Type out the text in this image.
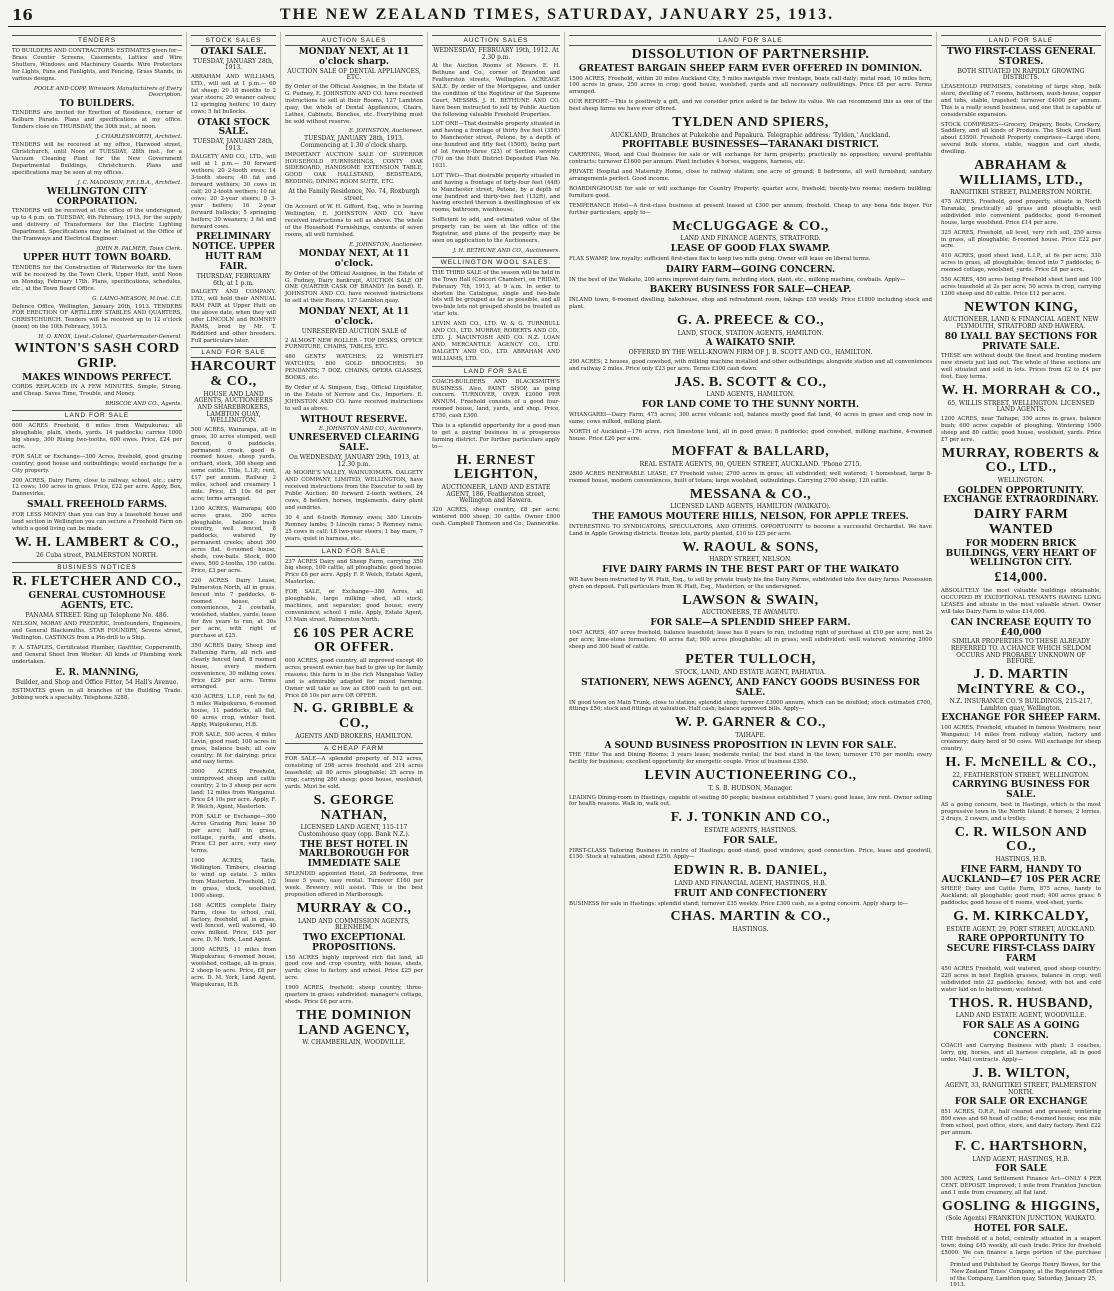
16	THE NEW ZEALAND TIMES, SATURDAY, JANUARY 25, 1913.
TENDERS

TO BUILDERS AND CONTRACTORS: ESTIMATES given for—Brass Counter Screens, Casements, Lattice and Wire Shutters, Windows and Machinery Guards. Wire Protectors for Lights, Fans and Fanlights, and Fencing, Grass Stands, in various designs.

POOLE AND COPP, Wirework Manufacturers of Every Description.
TO BUILDERS.

TENDERS are invited for Erection of Residence, corner of Kelburn Parade. Plans and specifications at my office. Tenders close on THURSDAY, the 30th inst., at noon.

J. CHARLESWORTH, Architect.

TENDERS will be received at my office, Harwood street, Christchurch, until Noon of TUESDAY, 28th inst., for a Vacuum Cleaning Plant for the New Government Departmental Buildings, Christchurch. Plans and specifications may be seen at my offices.

J. C. MADDISON, F.R.I.B.A., Architect.
WELLINGTON CITY CORPORATION.

TENDERS will be received at the office of the undersigned, up to 4 p.m. on TUESDAY, 4th February, 1913, for the supply and delivery of Transformers for the Electric Lighting Department. Specifications may be obtained at the Office of the Tramways and Electrical Engineer.

JOHN R. PALMER, Town Clerk.
UPPER HUTT TOWN BOARD.

TENDERS for the Construction of Waterworks for the town will be received by the Town Clerk, Upper Hutt, until Noon on Monday, February 17th. Plans, specifications, schedules, etc., at the Town Board Office.

G. LAING-MEASON, M.Inst. C.E.

Defence Office, Wellington, January 20th, 1913. TENDERS FOR ERECTION OF ARTILLERY STABLES AND QUARTERS, CHRISTCHURCH. Tenders will be received up to 12 o'clock (noon) on the 10th February, 1913.

H. O. KNOX, Lieut.-Colonel, Quartermaster-General.
WINTON'S SASH CORD GRIP.
MAKES WINDOWS PERFECT.

CORDS REPLACED IN A FEW MINUTES. Simple, Strong, and Cheap. Saves Time, Trouble, and Money.

BRISCOE AND CO., Agents.
LAND FOR SALE

600 ACRES Freehold, 6 miles from Waipukurau; all ploughable, plain, sheds, yards. 14 paddocks; carries 1000 big sheep, 300 Rising two-tooths, 600 ewes. Price, £24 per acre.

FOR SALE or Exchange—300 Acres, freehold, good grazing country; good house and outbuildings; would exchange for a City property.

200 ACRES, Dairy Farm, close to railway, school, etc.; carry 12 cows; 100 acres in grass. Price, £22 per acre. Apply, Box, Dannevirke.

SMALL FREEHOLD FARMS.

FOR LESS MONEY than you can buy a leasehold house and land section in Wellington you can secure a Freehold Farm on which a good living can be made.

W. H. LAMBERT & CO.,
26 Cuba street, PALMERSTON NORTH.
BUSINESS NOTICES
R. FLETCHER AND CO.,
GENERAL CUSTOMHOUSE AGENTS, ETC.
PANAMA STREET. Ring up Telephone No. 486.

NELSON, MORAY AND FREDERIC, Ironfounders, Engineers, and General Blacksmiths. STAR FOUNDRY, Sevens street, Wellington. CASTINGS from a Pin-drill to a Ship.

F. A. STAPLES, Certificated Plumber, Gasfitter, Coppersmith, and General Sheet Iron Worker. All kinds of Plumbing work undertaken.

E. R. MANNING,
Builder, and Shop and Office Fitter, 54 Hall's Avenue.

ESTIMATES given in all branches of the Building Trade. Jobbing work a speciality. Telephone 3288.

STOCK SALES
OTAKI SALE.
TUESDAY, JANUARY 28th, 1913.

ABRAHAM AND WILLIAMS, LTD., will sell at 1 p.m.— 60 fat sheep; 20 18 months to 2 year steers; 20 weaner calves; 12 springing heifers; 10 dairy cows; 5 fat bullocks.

OTAKI STOCK SALE.
TUESDAY, JANUARY 28th, 1913.

DALGETY AND CO., LTD., will sell at 1 p.m.— 50 forward wethers; 20 2-tooth ewes; 14 3-tooth steers; 40 fat and forward wethers; 30 cows in calf; 20 2-tooth wethers; 10 fat cows; 20 2-year steers; 8 3-year heifers; 16 2-year forward bullocks; 5 springing heifers; 30 weaners; 3 fat and forward cows.

PRELIMINARY NOTICE. UPPER HUTT RAM FAIR.
THURSDAY, FEBRUARY 6th, at 1 p.m.

DALGETY AND COMPANY, LTD., will hold their ANNUAL RAM FAIR at Upper Hutt on the above date, when they will offer LINCOLN and ROMNEY RAMS, bred by Mr. T. Riddiford and other breeders. Full particulars later.

LAND FOR SALE
HARCOURT & CO.,
HOUSE AND LAND AGENTS, AUCTIONEERS AND SHAREBROKERS, LAMBTON QUAY, WELLINGTON.

500 ACRES, Wairarapa, all in grass, 30 acres stumped, well fenced, 6 paddocks, permanent creek, good 6-roomed house, sheep yards, orchard, stock, 300 sheep and some cattle. Title, L.I.P.; rent, £17 per annum. Railway 2 miles, school and creamery 1 mile. Price, £5 10s 6d per acre; terms arranged.

1200 ACRES, Wairarapa; 400 acres grass, 200 acres ploughable, balance bush country, well fenced, 8 paddocks, watered by permanent creeks; about 300 acres flat. 6-roomed house, sheds, cow-bails. Stock, 800 ewes, 500 2-tooths, 150 cattle. Price, £3 per acre.

220 ACRES Dairy Lease, Palmerston North, all in grass, fenced into 7 paddocks, 6-roomed house, all conveniences, 2 cowbails, woolshed, stables, yards; lease for five years to run, at 30s per acre, with right of purchase at £25.

350 ACRES Dairy, Sheep and Fattening Farm, all rich and clearly fenced land, 8 roomed house, every modern convenience, 30 milking cows. Price £29 per acre. Terms arranged.

430 ACRES, L.I.P., rent 5s 6d, 5 miles Waipukurau, 6-roomed house, 11 paddocks, all flat, 60 acres crop, winter feed. Apply, Waipukurau, H.B.

FOR SALE, 500 acres, 4 miles Levin, good road; 100 acres in grass, balance bush; all cow country; fit for dairying; price and easy terms.

3000 ACRES Freehold, unimproved sheep and cattle country; 2 to 3 sheep per acre land; 12 miles from Wanganui. Price £4 10s per acre. Apply, F. P. Welch, Agent, Masterton.

FOR SALE or Exchange—300 Acres Grazing Run; lease 50 per acre; half in grass, cottage, yards, and sheds. Price £3 per acre, very easy terms.

1900 ACRES, Tatla, Wellington. Timbers, clearing to wind up estate. 3 miles from Masterton. Freehold, 1/2 in grass, stock, woolshed, 1000 sheep.

168 ACRES complete Dairy Farm, close to school, rail, factory, freehold, all in grass, well fenced, well watered, 40 cows milked. Price, £45 per acre. D. M. York, Land Agent.

3000 ACRES, 11 miles from Waipukurau; 6-roomed house, woolshed, cottage, all in grass, 2 sheep to acre. Price, £8 per acre. D. M. York, Land Agent, Waipukurau, H.B.

AUCTION SALES
MONDAY NEXT, At 11 o'clock sharp.
AUCTION SALE OF DENTAL APPLIANCES, ETC.

By Order of the Official Assignee, in the Estate of G. Pudney, E. JOHNSTON AND CO. have received instructions to sell at their Rooms, 127 Lambton quay, the whole of Dental Appliances, Chairs, Lathes, Cabinets, Benches, etc. Everything must be sold without reserve.

E. JOHNSTON, Auctioneer.
TUESDAY, JANUARY 28th, 1913. Commencing at 1.30 o'clock sharp.

IMPORTANT AUCTION SALE OF SUPERIOR HOUSEHOLD FURNISHINGS, CONTY OAK SIDEBOARD, HANDSOME EXTENSION TABLE, GOOD OAK HALLSTAND, BEDSTEADS, BEDDING, DINING ROOM SUITE, ETC.

At the Family Residence, No. 74, Roxburgh street.

On Account of W. H. Gifford, Esq., who is leaving Wellington, E. JOHNSTON AND CO. have received instructions to sell as above. The whole of the Household Furnishings, contents of seven rooms, all well furnished.

E. JOHNSTON, Auctioneer.
MONDAY NEXT, At 11 o'clock.

By Order of the Official Assignee, in the Estate of G. Pudney, Dairy bankrupt, AUCTION SALE OF ONE QUARTER CASK OF BRANDY (in bond). E. JOHNSTON AND CO. have received instructions to sell at their Rooms, 127 Lambton quay.

MONDAY NEXT, At 11 o'clock.
UNRESERVED AUCTION SALE of

2 ALMOST NEW ROLLER - TOP DESKS, OFFICE FURNITURE, CHAIRS, TABLES, ETC.

480 GENTS' WATCHES; 22 WRISTLET WATCHES; 800 GOLD BROOCHES; 50 PENDANTS; 7 DOZ. CHAINS, OPERA GLASSES, BOOKS, etc.

By Order of A. Simpson, Esq., Official Liquidator, in the Estate of Nerrow and Co., Importers. E. JOHNSTON AND CO. have received instructions to sell as above.

WITHOUT RESERVE.
E. JOHNSTON AND CO., Auctioneers.
UNRESERVED CLEARING SALE.
On WEDNESDAY, JANUARY 29th, 1913, at 12.30 p.m.

At MOORE'S VALLEY, WAINUIOMATA. DALGETY AND COMPANY, LIMITED, WELLINGTON, have received instructions from the Executor to sell by Public Auction: 80 forward 2-tooth wethers, 24 cows, 8 heifers, horses, implements, dairy plant and sundries.

30 4 and 6-tooth Romney ewes; 380 Lincoln-Romney lambs; 5 Lincoln rams; 5 Romney rams; 25 cows in calf; 18 two-year steers; 1 bay mare, 7 years, quiet in harness, etc.

LAND FOR SALE

237 ACRES Dairy and Sheep Farm, carrying 350 big sheep, 100 cattle, all ploughable; good house. Price £6 per acre. Apply F. P. Welch, Estate Agent, Masterton.

FOR SALE, or Exchange—380 Acres, all ploughable, large milking shed, all stock, machines, and separator; good house; every convenience; school 1 mile. Apply, Estate Agent, 13 Main street, Palmerston North.

£6 10S PER ACRE OR OFFER.

600 ACRES, good country, all improved except 40 acres; present owner has had to give up for family reasons; this farm is in the rich Mangahao Valley and is admirably adapted for mixed farming. Owner will take as low as £800 cash to get out. Price £6 10s per acre OR OFFER.

N. G. GRIBBLE & CO.,
AGENTS AND BROKERS, HAMILTON.
A CHEAP FARM

FOR SALE—A splendid property of 512 acres, consisting of 298 acres freehold and 214 acres leasehold; all 80 acres ploughable; 25 acres in crop; carrying 280 sheep; good house, woolshed, yards. Must be sold.

S. GEORGE NATHAN,
LICENSED LAND AGENT, 115-117 Customhouse quay (opp. Bank N.Z.).
THE BEST HOTEL IN MARLBOROUGH FOR IMMEDIATE SALE

SPLENDID appointed Hotel, 28 bedrooms, free lease 5 years, easy rental. Turnover £160 per week. Brewery will assist. This is the best proposition offered in Marlborough.

MURRAY & CO.,
LAND AND COMMISSION AGENTS, BLENHEIM.
TWO EXCEPTIONAL PROPOSITIONS.

150 ACRES highly improved rich flat land, all good cow and crop country, with house, sheds, yards; close to factory and school. Price £25 per acre.

1900 ACRES, freehold; sheep country, three-quarters in grass; subdivided; manager's cottage, sheds. Price £6 per acre.

THE DOMINION LAND AGENCY,
W. CHAMBERLAIN, WOODVILLE.
AUCTION SALES
WEDNESDAY, FEBRUARY 19th, 1912. At 2.30 p.m.

At the Auction Rooms of Messrs. E. H. Bethune and Co., corner of Brandon and Featherston streets, Wellington. ACREAGE SALE. By order of the Mortgagee, and under the condition of the Registrar of the Supreme Court, MESSRS. J. H. BETHUNE AND CO. have been instructed to sell by Public Auction the following valuable Freehold Properties.

LOT ONE—That desirable property situated in and having a frontage of thirty five feet (35ft) to Manchester street, Petone, by a depth of one hundred and fifty feet (150ft), being part of lot twenty-three (23) of Section seventy (70) on the Hutt District Deposited Plan No. 1031.

LOT TWO—That desirable property situated in and having a frontage of forty-four feet (44ft) to Manchester street, Petone, by a depth of one hundred and thirty-two feet (132ft), and having erected thereon a dwellinghouse of six rooms, bathroom, washhouse.

Sufficient to add, and estimated value of the property can be seen at the office of the Registrar, and plans of the property may be seen on application to the Auctioneers.

J. H. BETHUNE AND CO., Auctioneers.
WELLINGTON WOOL SALES.

THE THIRD SALE of the season will be held in the Town Hall (Concert Chamber), on FRIDAY, February 7th, 1913, at 9 a.m. In order to shorten the Catalogue, single and two-bale lots will be grouped as far as possible, and all two-bale lots not grouped should be treated as 'star' lots.

LEVIN AND CO., LTD. W. & G. TURNBULL AND CO., LTD. MURRAY, ROBERTS AND CO., LTD. J. MACINTOSH AND CO. N.Z. LOAN AND MERCANTILE AGENCY CO., LTD. DALGETY AND CO., LTD. ABRAHAM AND WILLIAMS, LTD.

LAND FOR SALE

COACH-BUILDERS AND BLACKSMITH'S BUSINESS. Also, PAINT SHOP, as going concern. TURNOVER, OVER £2000 PER ANNUM. Freehold consists of a good four-roomed house, land, yards, and shop. Price, £750, cash £300.

This is a splendid opportunity for a good man to get a paying business in a prosperous farming district. For further particulars apply to—

H. ERNEST LEIGHTON,
AUCTIONEER, LAND AND ESTATE AGENT, 186, Featherston street, Wellington and Hawera.

320 ACRES, sheep country, £8 per acre; wintered 800 sheep, 30 cattle. Owner £800 cash. Campbell Thomson and Co., Dannevirke.

LAND FOR SALE
DISSOLUTION OF PARTNERSHIP.
GREATEST BARGAIN SHEEP FARM EVER OFFERED IN DOMINION.

1500 ACRES, Freehold, within 20 miles Auckland City, 5 miles navigable river frontage, boats call daily; metal road, 10 miles fern, 100 acres in grass, 250 acres in crop; good house, woolshed, yards and all necessary outbuildings. Price £8 per acre. Terms arranged.

OUR REPORT:—This is positively a gift, and we consider price asked is far below its value. We can recommend this as one of the best sheep farms we have ever offered.

TYLDEN AND SPIERS,
AUCKLAND, Branches at Pukekohe and Papakura. Telegraphic address: 'Tylden,' Auckland.
PROFITABLE BUSINESSES—TARANAKI DISTRICT.

CARRYING, Wood, and Coal Business for sale or will exchange for farm property; practically no opposition; several profitable contracts; turnover £1600 per annum. Plant includes 4 horses, waggons, harness, etc.

PRIVATE Hospital and Maternity Home, close to railway station; one acre of ground; 8 bedrooms, all well furnished; sanitary arrangements perfect. Good income.

BOARDINGHOUSE for sale or will exchange for Country Property; quarter acre, freehold; twenty-two rooms; modern building; furniture good.

TEMPERANCE Hotel—A first-class business at present leased at £300 per annum, freehold. Cheap to any bona fide buyer. For further particulars, apply to—

McCLUGGAGE & CO.,
LAND AND FINANCE AGENTS, STRATFORD.
LEASE OF GOOD FLAX SWAMP.

FLAX SWAMP, low royalty; sufficient first-class flax to keep two mills going. Owner will lease on liberal terms.

DAIRY FARM—GOING CONCERN.

IN the best of the Waikato, 200 acres improved dairy farm, including stock, plant, etc., milking machine, cowbails. Apply—

BAKERY BUSINESS FOR SALE—CHEAP.

INLAND town, 6-roomed dwelling, bakehouse, shop and refreshment room, takings £35 weekly. Price £1800 including stock and plant.

G. A. PREECE & CO.,
LAND, STOCK, STATION AGENTS, HAMILTON.
A WAIKATO SNIP.
OFFERED BY THE WELL-KNOWN FIRM OF J. B. SCOTT AND CO., HAMILTON.

290 ACRES; 2 houses, good cowshed, with milking machine installed and other outbuildings; alongside station and all conveniences and railway 2 miles. Price only £23 per acre. Terms £300 cash down.

JAS. B. SCOTT & CO.,
LAND AGENTS, HAMILTON.
FOR LAND COME TO THE SUNNY NORTH.

WHANGAREI—Dairy Farm, 475 acres; 300 acres volcanic soil, balance mostly good flat land, 40 acres in grass and crop now in same; cows milked, milking plant.

NORTH of Auckland—176 acres, rich limestone land, all in good grass; 8 paddocks; good cowshed, milking machine, 4-roomed house. Price £20 per acre.

MOFFAT & BALLARD,
REAL ESTATE AGENTS, 90, QUEEN STREET, AUCKLAND. 'Phone 2715.

2800 ACRES RENEWABLE LEASE, £7 Freehold value; 2700 acres in grass; all subdivided; well watered; 1 homestead, large 8-roomed house, modern conveniences, built of totara; large woolshed, outbuildings. Carrying 2700 sheep, 120 cattle.

MESSANA & CO.,
LICENSED LAND AGENTS, HAMILTON (WAIKATO).
THE FAMOUS MOUTERE HILLS, NELSON, FOR APPLE TREES.

INTERESTING TO SYNDICATORS, SPECULATORS, AND OTHERS. OPPORTUNITY to become a successful Orchardist. We have Land in Apple Growing districts. Bronze lots, partly planted, £10 to £25 per acre.

W. RAOUL & SONS,
HARDY STREET, NELSON.
FIVE DAIRY FARMS IN THE BEST PART OF THE WAIKATO

WE have been instructed by W. Platt, Esq., to sell by private treaty his fine Dairy Farms, subdivided into five dairy farms. Possession given on deposit. Full particulars from W. Platt, Esq., Masterton, or the undersigned.

LAWSON & SWAIN,
AUCTIONEERS, TE AWAMUTU.
FOR SALE—A SPLENDID SHEEP FARM.

1047 ACRES, 407 acres freehold, balance leasehold; lease has 8 years to run, including right of purchase at £10 per acre; rent 2s per acre; lime-stone formation; 40 acres flat; 900 acres ploughable; all in grass; well subdivided; well watered; wintering 2000 sheep and 300 head of cattle.

PETER TULLOCH,
STOCK, LAND, AND ESTATE AGENT, PAHIATUA.
STATIONERY, NEWS AGENCY, AND FANCY GOODS BUSINESS FOR SALE.

IN good town on Main Trunk, close to station; splendid shop; turnover £3000 annum, which can be doubled; stock estimated £700, fittings £50; stock and fittings at valuation. Half cash; balance approved bills. Apply—

W. P. GARNER & CO.,
TAIHAPE.
A SOUND BUSINESS PROPOSITION IN LEVIN FOR SALE.

THE 'Elite' Tea and Dining Rooms; 3 years lease; moderate rental; the best stand in the town; turnover £70 per month; every facility for business; excellent opportunity for energetic couple. Price of business £350.

LEVIN AUCTIONEERING CO.,
T. S. B. HUDSON, Manager.

LEADING Dining-room in Hastings, capable of seating 80 people; business established 7 years; good lease, low rent. Owner selling for health reasons. Walk in, walk out.

F. J. TONKIN AND CO.,
ESTATE AGENTS, HASTINGS.
FOR SALE.

FIRST-CLASS Tailoring Business in centre of Hastings; good stand, good windows, good connection. Price, lease and goodwill, £150. Stock at valuation, about £250. Apply—

EDWIN R. B. DANIEL,
LAND AND FINANCIAL AGENT, HASTINGS, H.B.
FRUIT AND CONFECTIONERY

BUSINESS for sale in Hastings; splendid stand; turnover £35 weekly. Price £300 cash, as a going concern. Apply sharp to—

CHAS. MARTIN & CO.,
HASTINGS.
LAND FOR SALE
TWO FIRST-CLASS GENERAL STORES.
BOTH SITUATED IN RAPIDLY GROWING DISTRICTS.

LEASEHOLD PREMISES, consisting of large shop, bulk store, dwelling of 7 rooms, bathroom, wash-house, copper and tubs, stable, trapshed; turnover £4000 per annum. This is a really sound business, and one that is capable of considerable expansion.

STOCK COMPRISES—Grocery, Drapery, Boots, Crockery, Saddlery, and all kinds of Produce. The Stock and Plant about £3500. Freehold Property comprises—Large store, several bulk stores, stable, waggon and cart sheds, dwelling.

ABRAHAM & WILLIAMS, LTD.,
RANGITIKEI STREET, PALMERSTON NORTH.

475 ACRES, Freehold, good property, situate in North Taranaki, practically all grass and ploughable; well subdivided into convenient paddocks; good 6-roomed house, large woolshed. Price £14 per acre.

325 ACRES, Freehold, all level, very rich soil, 250 acres in grass, all ploughable; 8-roomed house. Price £22 per acre.

410 ACRES, good sheet land, L.I.P., at 6s per acre; 330 acres in grass, all ploughable; fenced into 7 paddocks; 6-roomed cottage, woolshed, yards. Price £8 per acre.

550 ACRES, 450 acres being Freehold sheet land and 100 acres leasehold at 2s per acre; 50 acres in crop, carrying 1200 sheep and 80 cattle. Price £12 per acre.

NEWTON KING,
AUCTIONEER, LAND & FINANCIAL AGENT, NEW PLYMOUTH, STRATFORD AND HAWERA.
80 LYALL BAY SECTIONS FOR PRIVATE SALE.

THESE are without doubt the finest and fronting modern new streets just laid out. The whole of these sections are well situated and sold in lots. Prices from £2 to £4 per foot. Easy terms.

W. H. MORRAH & CO.,
65, WILLIS STREET, WELLINGTON. LICENSED LAND AGENTS.

1200 ACRES, near Taihape; 350 acres in grass, balance bush; 600 acres capable of ploughing. Wintering 1500 sheep and 80 cattle; good house, woolshed, yards. Price £7 per acre.

MURRAY, ROBERTS & CO., LTD.,
WELLINGTON.
GOLDEN OPPORTUNITY. EXCHANGE EXTRAORDINARY.
DAIRY FARM WANTED
FOR MODERN BRICK BUILDINGS, VERY HEART OF WELLINGTON CITY.
£14,000.

ABSOLUTELY the most valuable buildings obtainable, OCCUPIED BY EXCEPTIONAL TENANTS HAVING LONG LEASES and situate in the most valuable street. Owner will take Dairy Farm to value £14,000.

CAN INCREASE EQUITY TO £40,000
SIMILAR PROPERTIES TO THESE ALREADY REFERRED TO. A CHANCE WHICH SELDOM OCCURS AND PROBABLY UNKNOWN OF BEFORE.
J. D. MARTIN McINTYRE & CO.,
N.Z. INSURANCE CO.'S BUILDINGS, 215-217, Lambton quay, Wellington.
EXCHANGE FOR SHEEP FARM.

100 ACRES, Freehold, situated in famous Westmere, near Wanganui; 14 miles from railway station, factory and creamery; dairy herd of 50 cows. Will exchange for sheep country.

H. F. McNEILL & CO.,
22, FEATHERSTON STREET, WELLINGTON.
CARRYING BUSINESS FOR SALE.

AS a going concern, best in Hastings, which is the most progressive town in the North Island; 8 horses, 2 lorries, 2 drays, 2 covers, and a trolley.

C. R. WILSON AND CO.,
HASTINGS, H.B.
FINE FARM, HANDY TO AUCKLAND—£7 10S PER ACRE

SHEEP, Dairy and Cattle Farm, 875 acres, handy to Auckland; all ploughable; good road; 400 acres grass; 6 paddocks; good house of 6 rooms, wool-shed, yards.

G. M. KIRKCALDY,
ESTATE AGENT, 29, PORT STREET, AUCKLAND.
RARE OPPORTUNITY TO SECURE FIRST-CLASS DAIRY FARM

450 ACRES Freehold, well watered, good sheep country; 220 acres in best English grasses, balance in crop; well subdivided into 22 paddocks; fenced, with hot and cold water laid on to bathroom; woolshed.

THOS. R. HUSBAND,
LAND AND ESTATE AGENT, WOODVILLE.
FOR SALE AS A GOING CONCERN.

COACH and Carrying Business with plant; 3 coaches, lorry, gig, horses, and all harness complete, all in good order. Mail contracts. Apply—

J. B. WILTON,
AGENT, 33, RANGITIKEI STREET, PALMERSTON NORTH.
FOR SALE OR EXCHANGE

851 ACRES, O.R.P., half cleared and grassed; wintering 800 ewes and 60 head of cattle; 6-roomed house; one mile from school, post office, store, and dairy factory. Rent £22 per annum.

F. C. HARTSHORN,
LAND AGENT, HASTINGS, H.B.
FOR SALE

500 ACRES, Land Settlement Finance Act—ONLY 4 PER CENT. DEPOSIT. Improved; 1 mile from Frankton Junction and 1 mile from creamery, all flat land.

GOSLING & HIGGINS,
(Sole Agents) FRANKTON JUNCTION, WAIKATO.
HOTEL FOR SALE.

THE freehold of a hotel, centrally situated in a seaport town; doing £45 weekly, all cash trade. Price for freehold £5000. We can finance a large portion of the purchase

Printed and Published by George Henry Bowes, for the 'New Zealand Times' Company, at the Registered Office of the Company, Lambton quay, Saturday, January 25, 1913.
